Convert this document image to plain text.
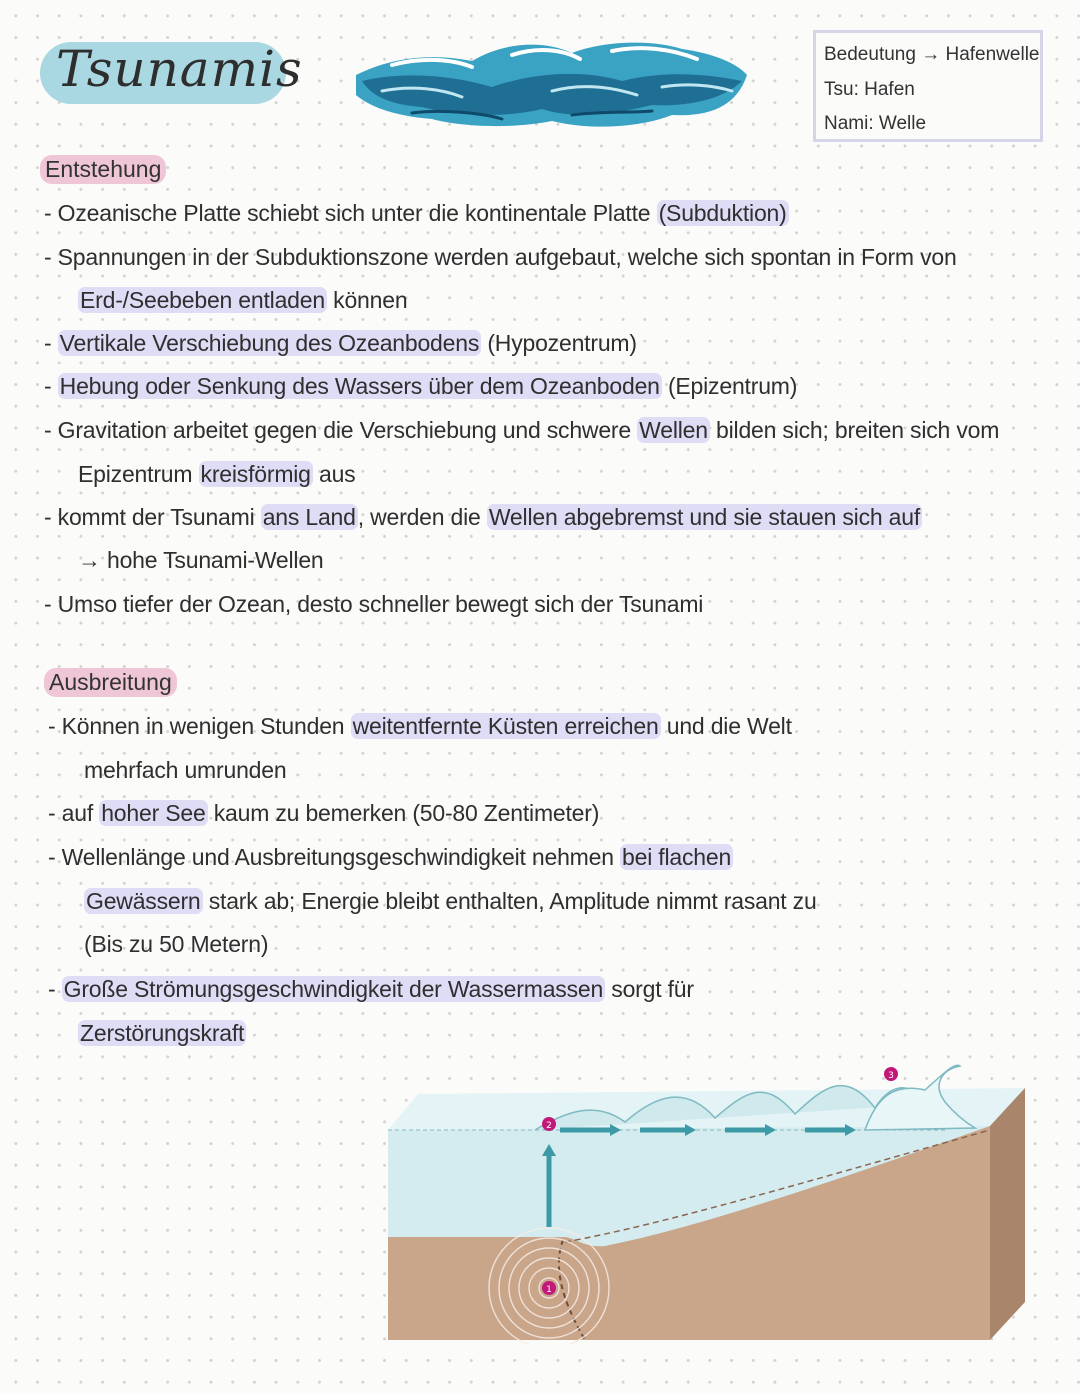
Tsunamis	Bedeutung → Hafenwelle
Tsu: Hafen
Nami: Welle
Entstehung
- Ozeanische Platte schiebt sich unter die kontinentale Platte (Subduktion)
- Spannungen in der Subduktionszone werden aufgebaut, welche sich spontan in Form von
Erd-/Seebeben entladen können
- Vertikale Verschiebung des Ozeanbodens (Hypozentrum)
- Hebung oder Senkung des Wassers über dem Ozeanboden (Epizentrum)
- Gravitation arbeitet gegen die Verschiebung und schwere Wellen bilden sich; breiten sich vom
Epizentrum kreisförmig aus
- kommt der Tsunami ans Land, werden die Wellen abgebremst und sie stauen sich auf
→ hohe Tsunami-Wellen
- Umso tiefer der Ozean, desto schneller bewegt sich der Tsunami
Ausbreitung
- Können in wenigen Stunden weitentfernte Küsten erreichen und die Welt
mehrfach umrunden
- auf hoher See kaum zu bemerken (50-80 Zentimeter)
- Wellenlänge und Ausbreitungsgeschwindigkeit nehmen bei flachen
Gewässern stark ab; Energie bleibt enthalten, Amplitude nimmt rasant zu
(Bis zu 50 Metern)
- Große Strömungsgeschwindigkeit der Wassermassen sorgt für
Zerstörungskraft
1
2
3
